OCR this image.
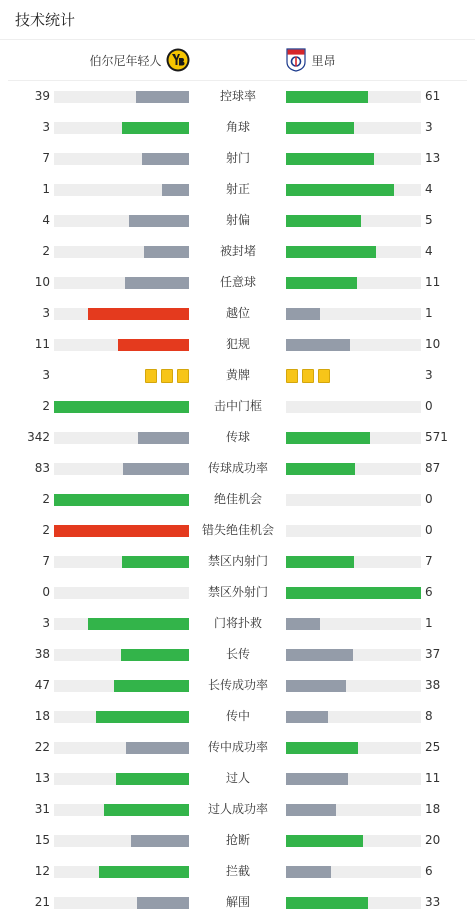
技术统计
伯尔尼年轻人	里昂
39	控球率	61
3	角球	3
7	射门	13
1	射正	4
4	射偏	5
2	被封堵	4
10	任意球	11
3	越位	1
11	犯规	10
3	黄牌	3
2	击中门框	0
342	传球	571
83	传球成功率	87
2	绝佳机会	0
2	错失绝佳机会	0
7	禁区内射门	7
0	禁区外射门	6
3	门将扑救	1
38	长传	37
47	长传成功率	38
18	传中	8
22	传中成功率	25
13	过人	11
31	过人成功率	18
15	抢断	20
12	拦截	6
21	解围	33
